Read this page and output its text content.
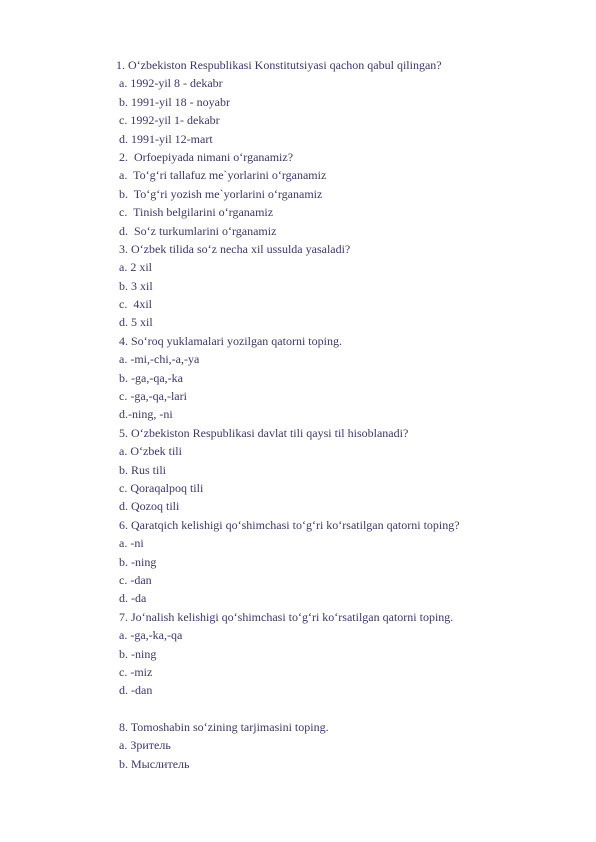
1. O‘zbekiston Respublikasi Konstitutsiyasi qachon qabul qilingan?
a. 1992-yil 8 - dekabr
b. 1991-yil 18 - noyabr
c. 1992-yil 1- dekabr
d. 1991-yil 12-mart
2.  Orfoepiyada nimani o‘rganamiz?
a.  To‘g‘ri tallafuz me`yorlarini o‘rganamiz
b.  To‘g‘ri yozish me`yorlarini o‘rganamiz
c.  Tinish belgilarini o‘rganamiz
d.  So‘z turkumlarini o‘rganamiz
3. O‘zbek tilida so‘z necha xil ussulda yasaladi?
a. 2 xil
b. 3 xil
c.  4xil
d. 5 xil
4. So‘roq yuklamalari yozilgan qatorni toping.
a. -mi,-chi,-a,-ya
b. -ga,-qa,-ka
c. -ga,-qa,-lari
d.-ning, -ni
5. O‘zbekiston Respublikasi davlat tili qaysi til hisoblanadi?
a. O‘zbek tili
b. Rus tili
c. Qoraqalpoq tili
d. Qozoq tili
6. Qaratqich kelishigi qo‘shimchasi to‘g‘ri ko‘rsatilgan qatorni toping?
a. -ni
b. -ning
c. -dan
d. -da
7. Jo‘nalish kelishigi qo‘shimchasi to‘g‘ri ko‘rsatilgan qatorni toping.
a. -ga,-ka,-qa
b. -ning
c. -miz
d. -dan
8. Tomoshabin so‘zining tarjimasini toping.
a. Зритель
b. Мыслитель
